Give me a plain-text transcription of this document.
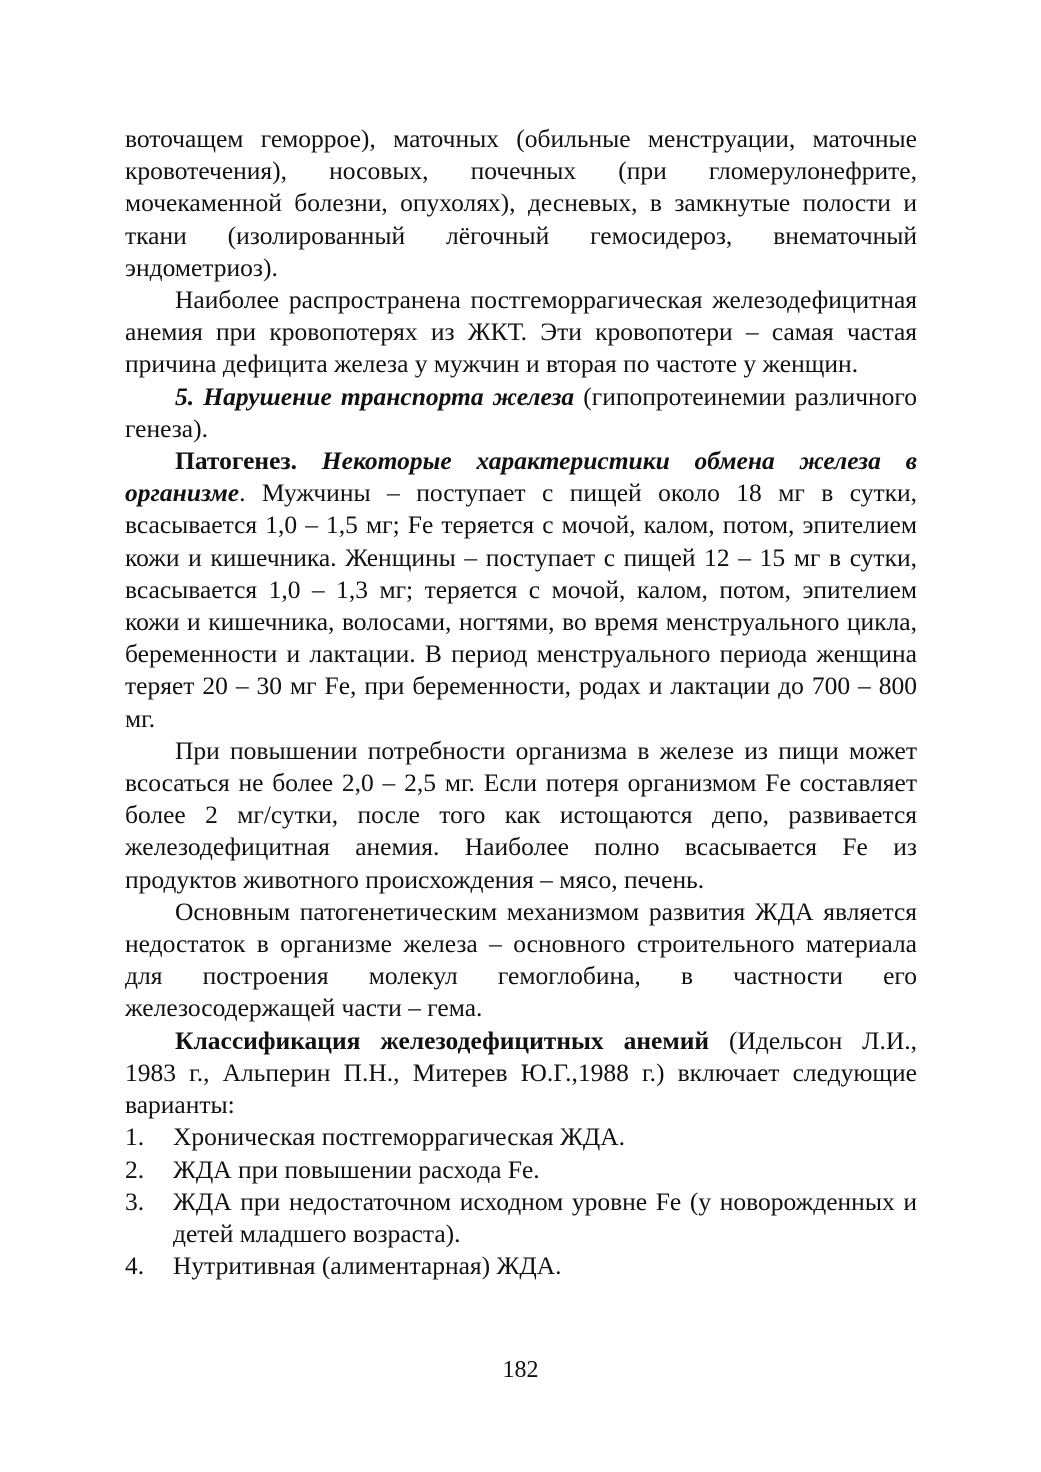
воточащем геморрое), маточных (обильные менструации, маточные кровотечения), носовых, почечных (при гломерулонефрите, мочекаменной болезни, опухолях), десневых, в замкнутые полости и ткани (изолированный лёгочный гемосидероз, внематочный эндометриоз).

Наиболее распространена постгеморрагическая железодефицитная анемия при кровопотерях из ЖКТ. Эти кровопотери – самая частая причина дефицита железа у мужчин и вторая по частоте у женщин.

5. Нарушение транспорта железа (гипопротеинемии различного генеза).

Патогенез. Некоторые характеристики обмена железа в организме. Мужчины – поступает с пищей около 18 мг в сутки, всасывается 1,0 – 1,5 мг; Fe теряется с мочой, калом, потом, эпителием кожи и кишечника. Женщины – поступает с пищей 12 – 15 мг в сутки, всасывается 1,0 – 1,3 мг; теряется с мочой, калом, потом, эпителием кожи и кишечника, волосами, ногтями, во время менструального цикла, беременности и лактации. В период менструального периода женщина теряет 20 – 30 мг Fe, при беременности, родах и лактации до 700 – 800 мг.

При повышении потребности организма в железе из пищи может всосаться не более 2,0 – 2,5 мг. Если потеря организмом Fe составляет более 2 мг/сутки, после того как истощаются депо, развивается железодефицитная анемия. Наиболее полно всасывается Fe из продуктов животного происхождения – мясо, печень.

Основным патогенетическим механизмом развития ЖДА является недостаток в организме железа – основного строительного материала для построения молекул гемоглобина, в частности его железосодержащей части – гема.

Классификация железодефицитных анемий (Идельсон Л.И., 1983 г., Альперин П.Н., Митерев Ю.Г.,1988 г.) включает следующие варианты:

1. Хроническая постгеморрагическая ЖДА.
2. ЖДА при повышении расхода Fe.
3. ЖДА при недостаточном исходном уровне Fe (у новорожденных и детей младшего возраста).
4. Нутритивная (алиментарная) ЖДА.
182
